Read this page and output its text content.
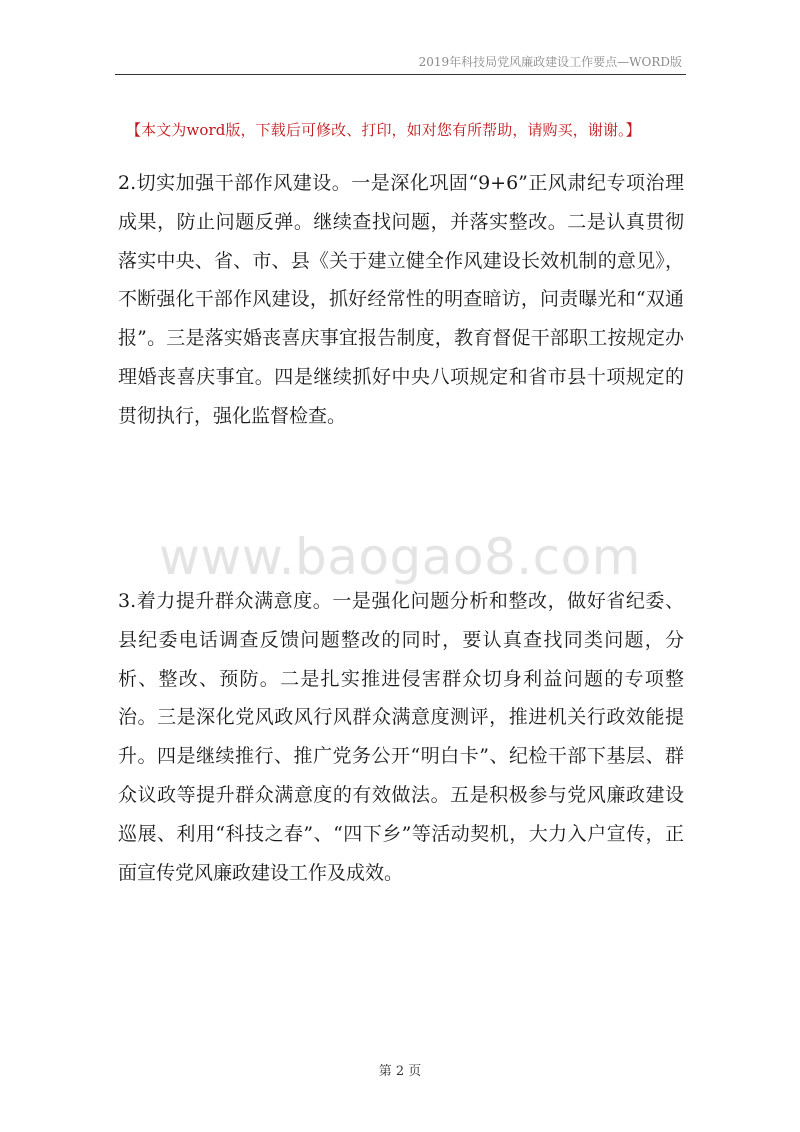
2019年科技局党风廉政建设工作要点—WORD版
【本文为word版，下载后可修改、打印，如对您有所帮助，请购买，谢谢。】
2.切实加强干部作风建设。一是深化巩固“9+6”正风肃纪专项治理成果，防止问题反弹。继续查找问题，并落实整改。二是认真贯彻落实中央、省、市、县《关于建立健全作风建设长效机制的意见》，不断强化干部作风建设，抓好经常性的明查暗访，问责曝光和“双通报”。三是落实婚丧喜庆事宜报告制度，教育督促干部职工按规定办理婚丧喜庆事宜。四是继续抓好中央八项规定和省市县十项规定的贯彻执行，强化监督检查。
www.baogao8.com
3.着力提升群众满意度。一是强化问题分析和整改，做好省纪委、县纪委电话调查反馈问题整改的同时，要认真查找同类问题，分析、整改、预防。二是扎实推进侵害群众切身利益问题的专项整治。三是深化党风政风行风群众满意度测评，推进机关行政效能提升。四是继续推行、推广党务公开“明白卡”、纪检干部下基层、群众议政等提升群众满意度的有效做法。五是积极参与党风廉政建设巡展、利用“科技之春”、“四下乡”等活动契机，大力入户宣传，正面宣传党风廉政建设工作及成效。
第 2 页
